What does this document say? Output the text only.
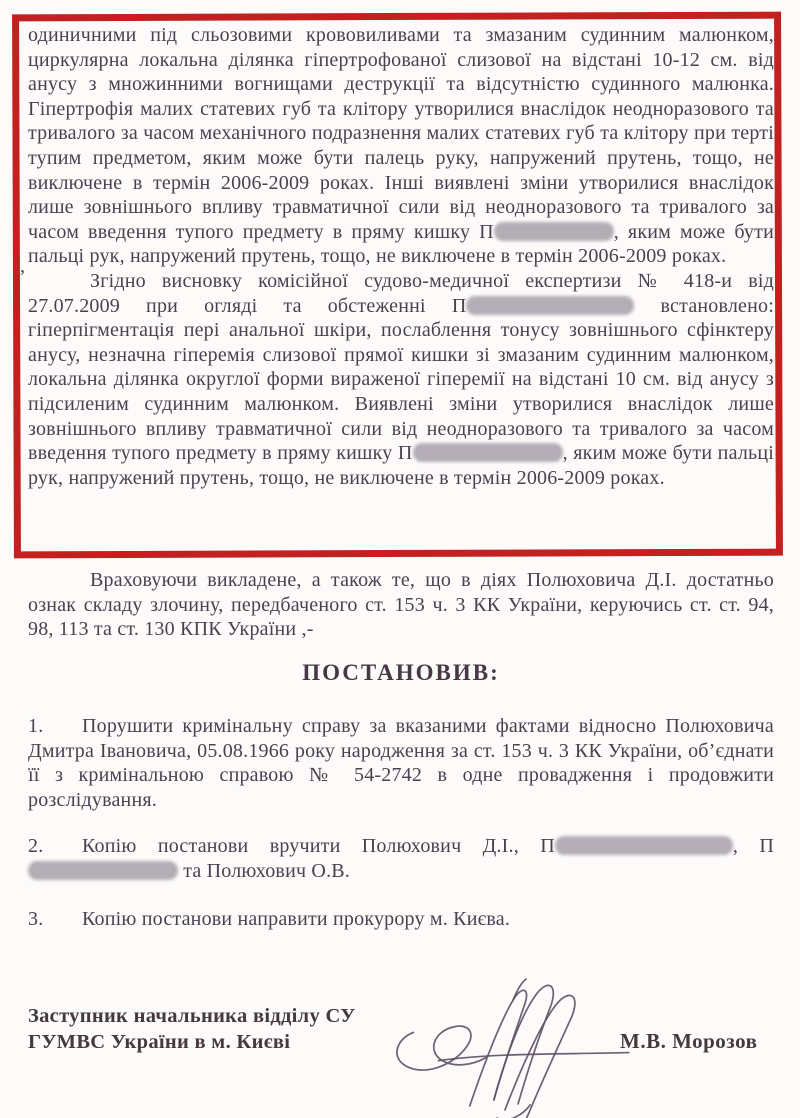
,

одиничними під сльозовими крововиливами та змазаним судинним малюнком, циркулярна локальна ділянка гіпертрофованої слизової на відстані 10-12 см. від анусу з множинними вогнищами деструкції та відсутністю судинного малюнка. Гіпертрофія малих статевих губ та клітору утворилися внаслідок неодноразового та тривалого за часом механічного подразнення малих статевих губ та клітору при терті тупим предметом, яким може бути палець руку, напружений прутень, тощо, не виключене в термін 2006-2009 роках. Інші виявлені зміни утворилися внаслідок лише зовнішнього впливу травматичної сили від неодноразового та тривалого за часом введення тупого предмету в пряму кишку П	, яким може бути пальці рук, напружений прутень, тощо, не виключене в термін 2006-2009 роках.

Згідно висновку комісійної судово-медичної експертизи № 418-и від 27.07.2009 при огляді та обстеженні П	встановлено: гіперпігментація пері анальної шкіри, послаблення тонусу зовнішнього сфінктеру анусу, незначна гіперемія слизової прямої кишки зі змазаним судинним малюнком, локальна ділянка округлої форми вираженої гіперемії на відстані 10 см. від анусу з підсиленим судинним малюнком. Виявлені зміни утворилися внаслідок лише зовнішнього впливу травматичної сили від неодноразового та тривалого за часом введення тупого предмету в пряму кишку П	, яким може бути пальці рук, напружений прутень, тощо, не виключене в термін 2006-2009 роках.

Враховуючи викладене, а також те, що в діях Полюховича Д.І. достатньо ознак складу злочину, передбаченого ст. 153 ч. 3 КК України, керуючись ст. ст. 94, 98, 113 та ст. 130 КПК України ,-

ПОСТАНОВИВ:

1. Порушити кримінальну справу за вказаними фактами відносно Полюховича Дмитра Івановича, 05.08.1966 року народження за ст. 153 ч. 3 КК України, об’єднати її з кримінальною справою № 54-2742 в одне провадження і продовжити розслідування.

2. Копію постанови вручити Полюхович Д.І., П	, П та Полюхович О.В.

3. Копію постанови направити прокурору м. Києва.

Заступник начальника відділу СУ
ГУМВС України в м. Києві	М.В. Морозов
